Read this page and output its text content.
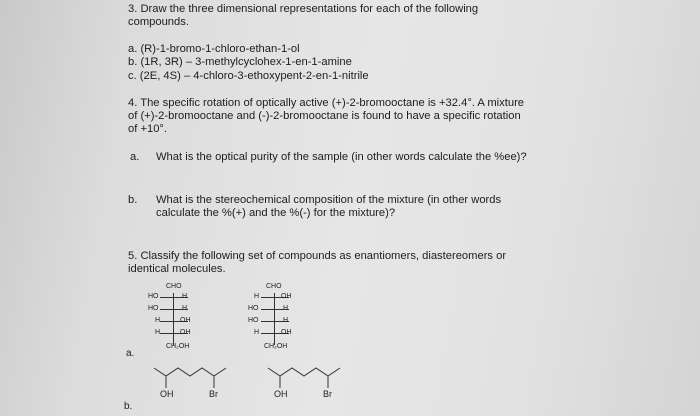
3. Draw the three dimensional representations for each of the following
compounds.
a. (R)-1-bromo-1-chloro-ethan-1-ol
b. (1R, 3R) – 3-methylcyclohex-1-en-1-amine
c. (2E, 4S) – 4-chloro-3-ethoxypent-2-en-1-nitrile
4. The specific rotation of optically active (+)-2-bromooctane is +32.4°. A mixture
of (+)-2-bromooctane and (-)-2-bromooctane is found to have a specific rotation
of +10°.
a. What is the optical purity of the sample (in other words calculate the %ee)?
b. What is the stereochemical composition of the mixture (in other words
calculate the %(+) and the %(-) for the mixture)?
5. Classify the following set of compounds as enantiomers, diastereomers or
identical molecules.
CHO
HO	H
HO	H
H	OH
H	OH
CH₂OH
CHO
H	OH
HO	H
HO	H
H	OH
CH₂OH
a.
OH	Br	OH	Br
b.
